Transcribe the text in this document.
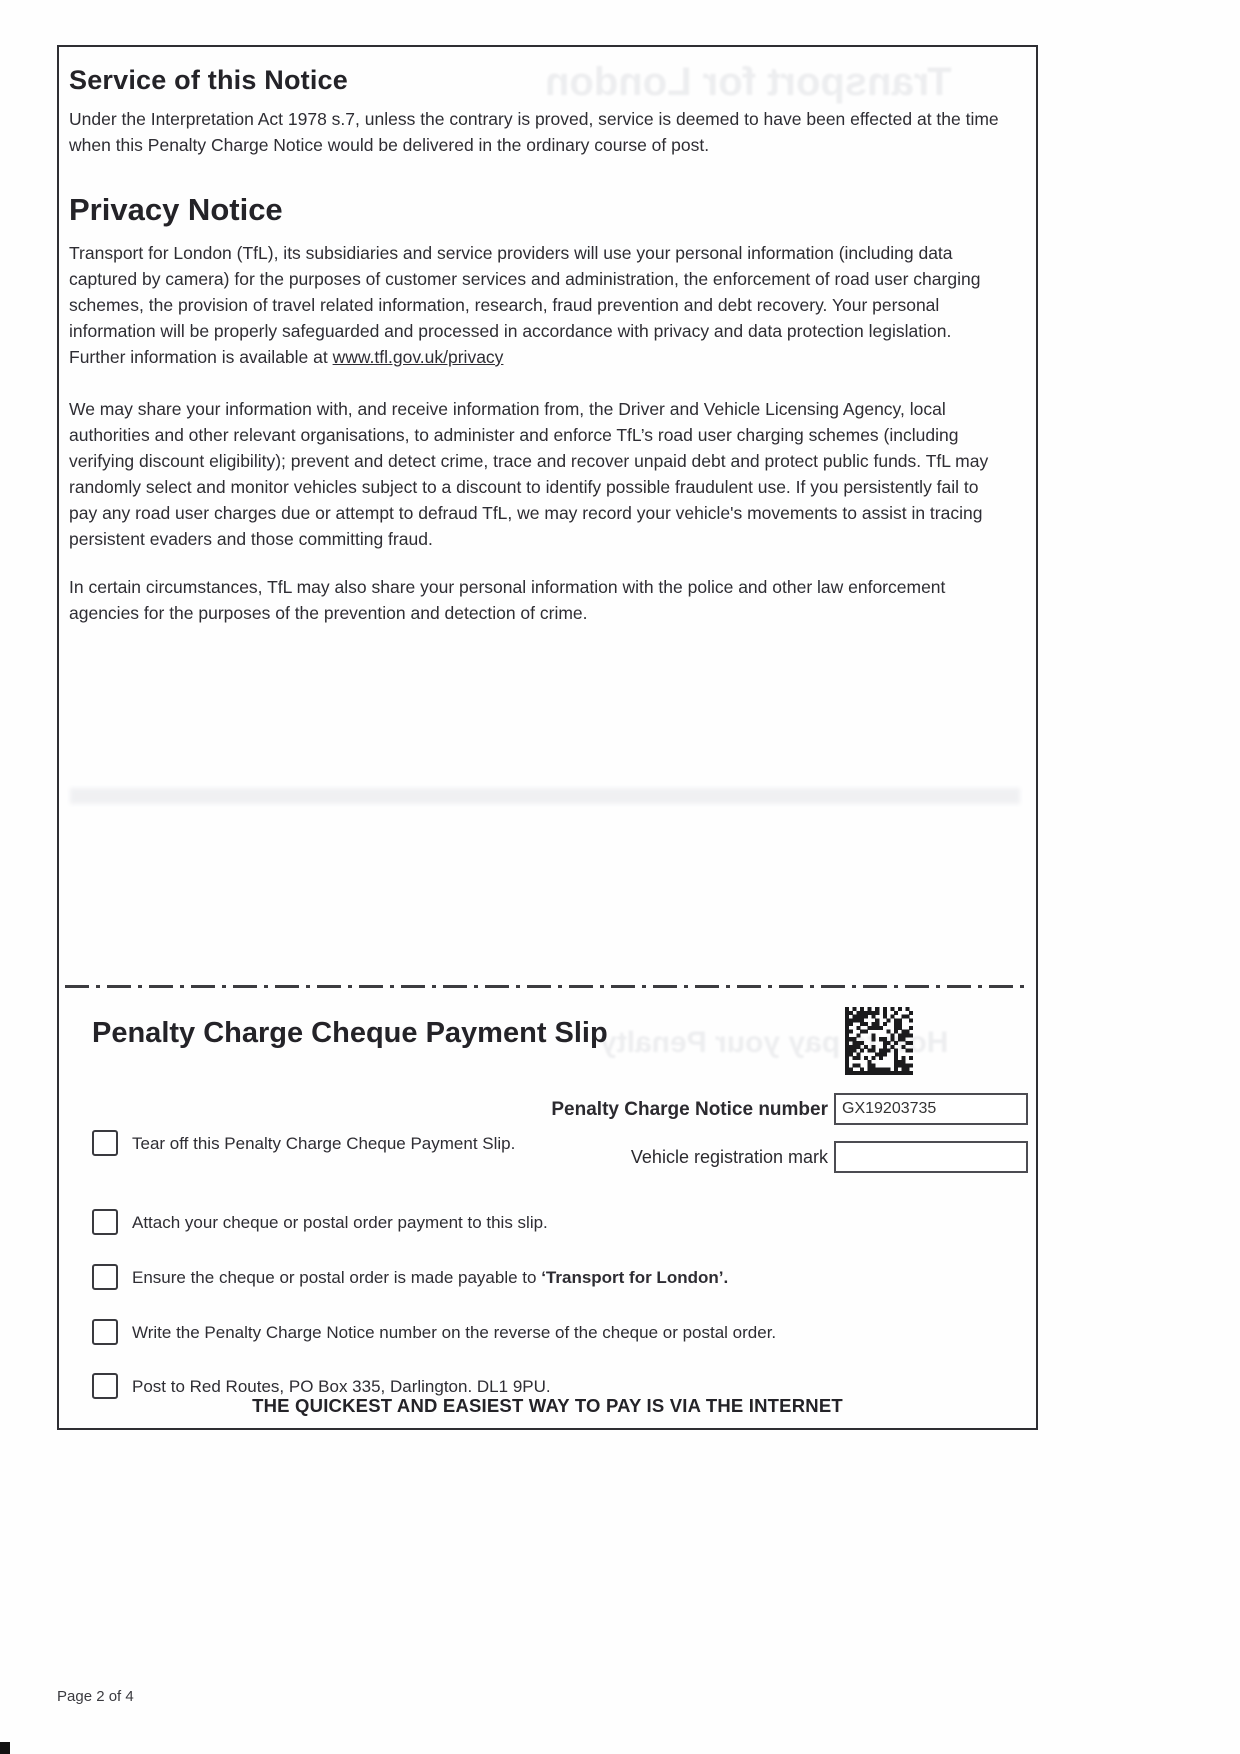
Transport for London
How to pay your Penalty
Service of this Notice

Under the Interpretation Act 1978 s.7, unless the contrary is proved, service is deemed to have been effected at the time when this Penalty Charge Notice would be delivered in the ordinary course of post.

Privacy Notice

Transport for London (TfL), its subsidiaries and service providers will use your personal information (including data captured by camera) for the purposes of customer services and administration, the enforcement of road user charging schemes, the provision of travel related information, research, fraud prevention and debt recovery. Your personal information will be properly safeguarded and processed in accordance with privacy and data protection legislation. Further information is available at www.tfl.gov.uk/privacy

We may share your information with, and receive information from, the Driver and Vehicle Licensing Agency, local authorities and other relevant organisations, to administer and enforce TfL’s road user charging schemes (including verifying discount eligibility); prevent and detect crime, trace and recover unpaid debt and protect public funds. TfL may randomly select and monitor vehicles subject to a discount to identify possible fraudulent use. If you persistently fail to pay any road user charges due or attempt to defraud TfL, we may record your vehicle's movements to assist in tracing persistent evaders and those committing fraud.

In certain circumstances, TfL may also share your personal information with the police and other law enforcement agencies for the purposes of the prevention and detection of crime.

Penalty Charge Cheque Payment Slip
Penalty Charge Notice number GX19203735
Vehicle registration mark
Tear off this Penalty Charge Cheque Payment Slip.
Attach your cheque or postal order payment to this slip.
Ensure the cheque or postal order is made payable to ‘Transport for London’.
Write the Penalty Charge Notice number on the reverse of the cheque or postal order.
Post to Red Routes, PO Box 335, Darlington. DL1 9PU.
THE QUICKEST AND EASIEST WAY TO PAY IS VIA THE INTERNET
Page 2 of 4
